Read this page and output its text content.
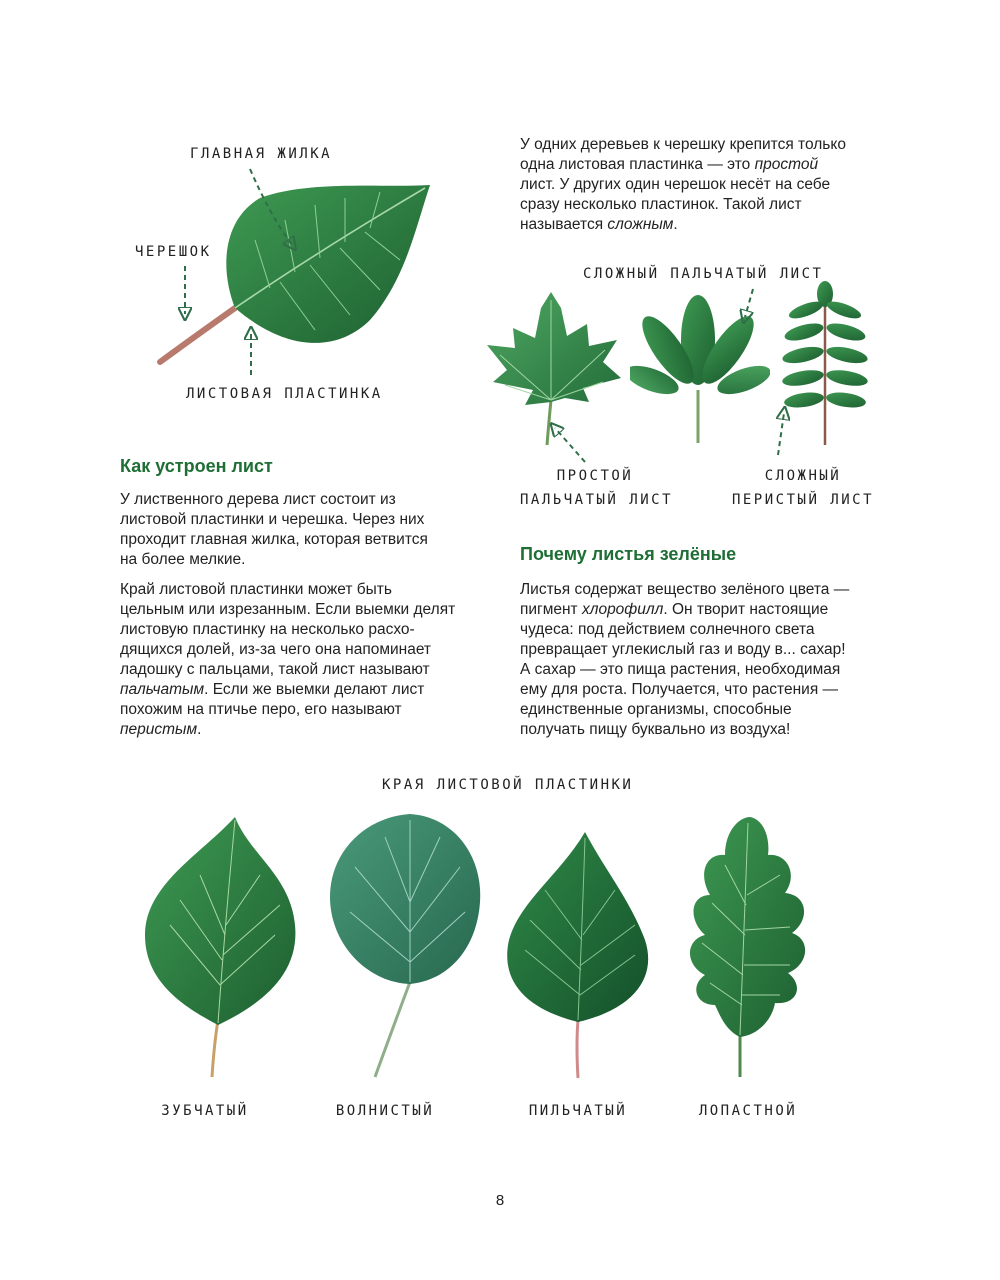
ГЛАВНАЯ ЖИЛКА
ЧЕРЕШОК
ЛИСТОВАЯ ПЛАСТИНКА

У одних деревьев к черешку крепится только

одна листовая пластинка — это простой

лист. У других один черешок несёт на себе

сразу несколько пластинок. Такой лист

называется сложным.

СЛОЖНЫЙ ПАЛЬЧАТЫЙ ЛИСТ
ПРОСТОЙ
ПАЛЬЧАТЫЙ ЛИСТ
СЛОЖНЫЙ
ПЕРИСТЫЙ ЛИСТ
Как устроен лист

У лиственного дерева лист состоит из

листовой пластинки и черешка. Через них

проходит главная жилка, которая ветвится

на более мелкие.

Край листовой пластинки может быть

цельным или изрезанным. Если выемки делят

листовую пластинку на несколько расхо-

дящихся долей, из-за чего она напоминает

ладошку с пальцами, такой лист называют

пальчатым. Если же выемки делают лист

похожим на птичье перо, его называют

перистым.

Почему листья зелёные

Листья содержат вещество зелёного цвета —

пигмент хлорофилл. Он творит настоящие

чудеса: под действием солнечного света

превращает углекислый газ и воду в... сахар!

А сахар — это пища растения, необходимая

ему для роста. Получается, что растения —

единственные организмы, способные

получать пищу буквально из воздуха!

КРАЯ ЛИСТОВОЙ ПЛАСТИНКИ
ЗУБЧАТЫЙ	ВОЛНИСТЫЙ	ПИЛЬЧАТЫЙ	ЛОПАСТНОЙ
8
